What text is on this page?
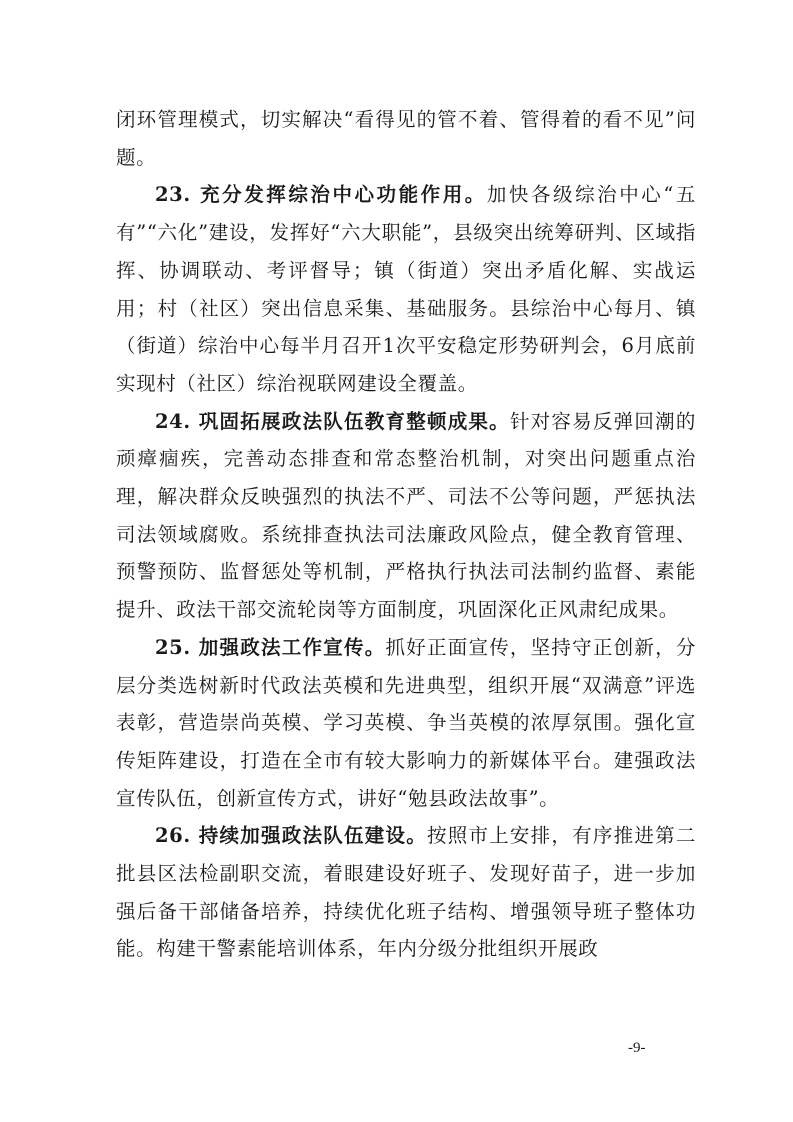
闭环管理模式，切实解决“看得见的管不着、管得着的看不见”问题。

23. 充分发挥综治中心功能作用。加快各级综治中心“五有”“六化”建设，发挥好“六大职能”，县级突出统筹研判、区域指挥、协调联动、考评督导；镇（街道）突出矛盾化解、实战运用；村（社区）突出信息采集、基础服务。县综治中心每月、镇（街道）综治中心每半月召开1次平安稳定形势研判会，6月底前实现村（社区）综治视联网建设全覆盖。

24. 巩固拓展政法队伍教育整顿成果。针对容易反弹回潮的顽瘴痼疾，完善动态排查和常态整治机制，对突出问题重点治理，解决群众反映强烈的执法不严、司法不公等问题，严惩执法司法领域腐败。系统排查执法司法廉政风险点，健全教育管理、预警预防、监督惩处等机制，严格执行执法司法制约监督、素能提升、政法干部交流轮岗等方面制度，巩固深化正风肃纪成果。

25. 加强政法工作宣传。抓好正面宣传，坚持守正创新，分层分类选树新时代政法英模和先进典型，组织开展“双满意”评选表彰，营造崇尚英模、学习英模、争当英模的浓厚氛围。强化宣传矩阵建设，打造在全市有较大影响力的新媒体平台。建强政法宣传队伍，创新宣传方式，讲好“勉县政法故事”。

26. 持续加强政法队伍建设。按照市上安排，有序推进第二批县区法检副职交流，着眼建设好班子、发现好苗子，进一步加强后备干部储备培养，持续优化班子结构、增强领导班子整体功能。构建干警素能培训体系，年内分级分批组织开展政

-9-
